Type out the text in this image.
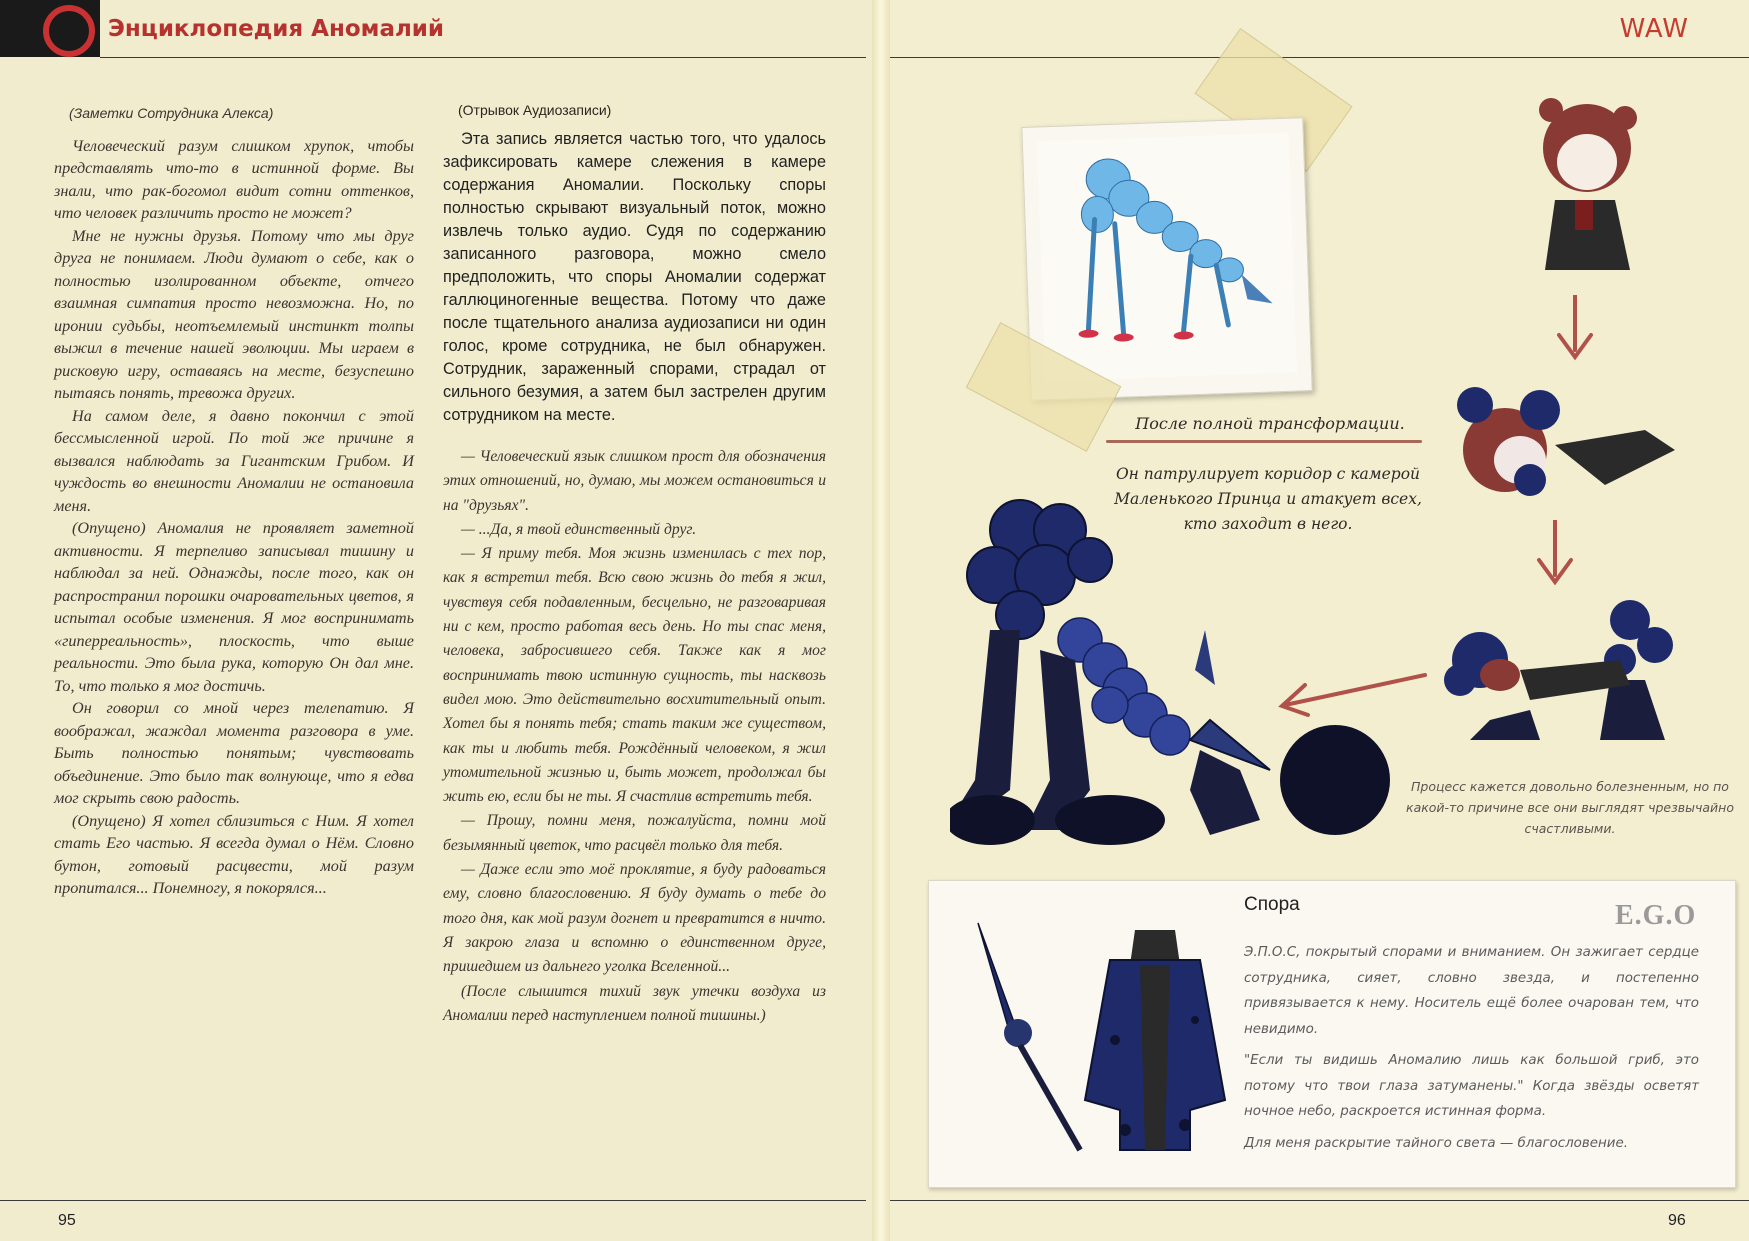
Энциклопедия Аномалий	WAW
(Заметки Сотрудника Алекса)

Человеческий разум слишком хрупок, чтобы представлять что-то в истинной форме. Вы знали, что рак-богомол видит сотни оттенков, что человек различить просто не может?

Мне не нужны друзья. Потому что мы друг друга не понимаем. Люди думают о себе, как о полностью изолированном объекте, отчего взаимная симпатия просто невозможна. Но, по иронии судьбы, неотъемлемый инстинкт толпы выжил в течение нашей эволюции. Мы играем в рисковую игру, оставаясь на месте, безуспешно пытаясь понять, тревожа других.

На самом деле, я давно покончил с этой бессмысленной игрой. По той же причине я вызвался наблюдать за Гигантским Грибом. И чуждость во внешности Аномалии не остановила меня.

(Опущено) Аномалия не проявляет заметной активности. Я терпеливо записывал тишину и наблюдал за ней. Однажды, после того, как он распространил порошки очаровательных цветов, я испытал особые изменения. Я мог воспринимать «гиперреальность», плоскость, что выше реальности. Это была рука, которую Он дал мне. То, что только я мог достичь.

Он говорил со мной через телепатию. Я воображал, жаждал момента разговора в уме. Быть полностью понятым; чувствовать объединение. Это было так волнующе, что я едва мог скрыть свою радость.

(Опущено) Я хотел сблизиться с Ним. Я хотел стать Его частью. Я всегда думал о Нём. Словно бутон, готовый расцвести, мой разум пропитался... Понемногу, я покорялся...

(Отрывок Аудиозаписи)

Эта запись является частью того, что удалось зафиксировать камере слежения в камере содержания Аномалии. Поскольку споры полностью скрывают визуальный поток, можно извлечь только аудио. Судя по содержанию записанного разговора, можно смело предположить, что споры Аномалии содержат галлюциногенные вещества. Потому что даже после тщательного анализа аудиозаписи ни один голос, кроме сотрудника, не был обнаружен. Сотрудник, зараженный спорами, страдал от сильного безумия, а затем был застрелен другим сотрудником на месте.

— Человеческий язык слишком прост для обозначения этих отношений, но, думаю, мы можем остановиться и на "друзьях".

— ...Да, я твой единственный друг.

— Я приму тебя. Моя жизнь изменилась с тех пор, как я встретил тебя. Всю свою жизнь до тебя я жил, чувствуя себя подавленным, бесцельно, не разговаривая ни с кем, просто работая весь день. Но ты спас меня, человека, забросившего себя. Также как я мог воспринимать твою истинную сущность, ты насквозь видел мою. Это действительно восхитительный опыт. Хотел бы я понять тебя; стать таким же существом, как ты и любить тебя. Рождённый человеком, я жил утомительной жизнью и, быть может, продолжал бы жить ею, если бы не ты. Я счастлив встретить тебя.

— Прошу, помни меня, пожалуйста, помни мой безымянный цветок, что расцвёл только для тебя.

— Даже если это моё проклятие, я буду радоваться ему, словно благословению. Я буду думать о тебе до того дня, как мой разум догнет и превратится в ничто. Я закрою глаза и вспомню о единственном друге, пришедшем из дальнего уголка Вселенной...

(После слышится тихий звук утечки воздуха из Аномалии перед наступлением полной тишины.)

После полной трансформации.
Он патрулирует коридор с камерой Маленького Принца и атакует всех, кто заходит в него.
Процесс кажется довольно болезненным, но по какой-то причине все они выглядят чрезвычайно счастливыми.
Спора	E.G.O

Э.П.О.С, покрытый спорами и вниманием. Он зажигает сердце сотрудника, сияет, словно звезда, и постепенно привязывается к нему. Носитель ещё более очарован тем, что невидимо.

"Если ты видишь Аномалию лишь как большой гриб, это потому что твои глаза затуманены." Когда звёзды осветят ночное небо, раскроется истинная форма.

Для меня раскрытие тайного света — благословение.

95	96
